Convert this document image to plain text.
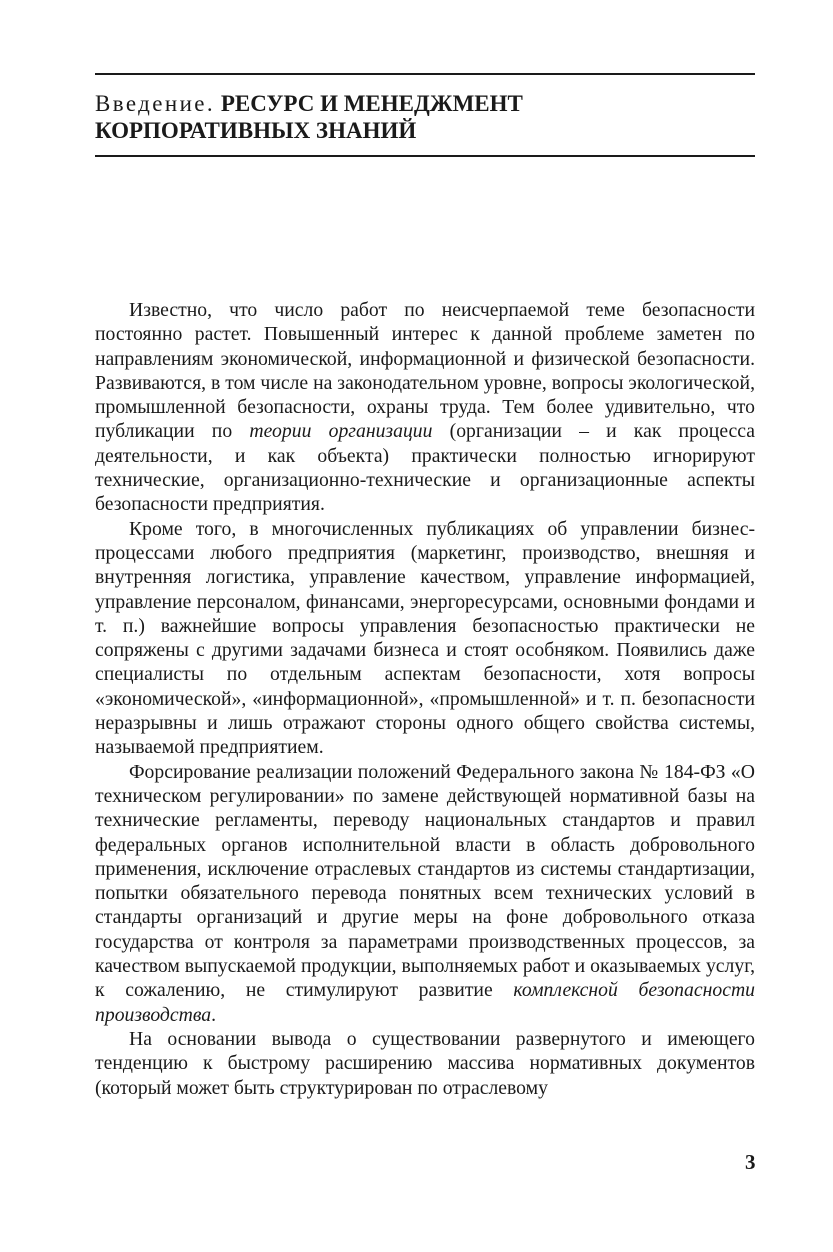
Введение. РЕСУРС И МЕНЕДЖМЕНТ
КОРПОРАТИВНЫХ ЗНАНИЙ

Известно, что число работ по неисчерпаемой теме безопасности постоянно растет. Повышенный интерес к данной проблеме заметен по направлениям экономической, информационной и физической безопасности. Развиваются, в том числе на законодательном уровне, вопросы экологической, промышленной безопасности, охраны труда. Тем более удивительно, что публикации по теории организации (организации – и как процесса деятельности, и как объекта) практически полностью игнорируют технические, организационно-технические и организационные аспекты безопасности предприятия.

Кроме того, в многочисленных публикациях об управлении бизнес-процессами любого предприятия (маркетинг, производство, внешняя и внутренняя логистика, управление качеством, управление информацией, управление персоналом, финансами, энергоресурсами, основными фондами и т. п.) важнейшие вопросы управления безопасностью практически не сопряжены с другими задачами бизнеса и стоят особняком. Появились даже специалисты по отдельным аспектам безопасности, хотя вопросы «экономической», «информационной», «промышленной» и т. п. безопасности неразрывны и лишь отражают стороны одного общего свойства системы, называемой предприятием.

Форсирование реализации положений Федерального закона № 184-ФЗ «О техническом регулировании» по замене действующей нормативной базы на технические регламенты, переводу национальных стандартов и правил федеральных органов исполнительной власти в область добровольного применения, исключение отраслевых стандартов из системы стандартизации, попытки обязательного перевода понятных всем технических условий в стандарты организаций и другие меры на фоне добровольного отказа государства от контроля за параметрами производственных процессов, за качеством выпускаемой продукции, выполняемых работ и оказываемых услуг, к сожалению, не стимулируют развитие комплексной безопасности производства.

На основании вывода о существовании развернутого и имеющего тенденцию к быстрому расширению массива нормативных документов (который может быть структурирован по отраслевому

3
